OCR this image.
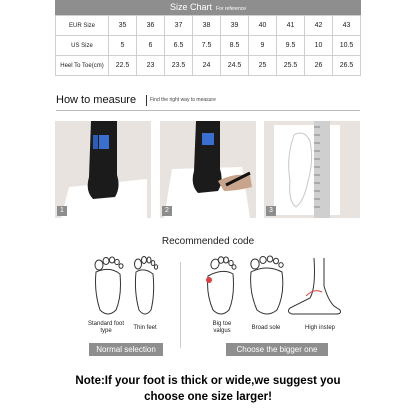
Size Chart For reference
EUR Size	35	36	37	38	39	40	41	42	43
US Size	5	6	6.5	7.5	8.5	9	9.5	10	10.5
Heel To Toe(cm)	22.5	23	23.5	24	24.5	25	25.5	26	26.5
How to measure	Find the right way to measure
1	2	3
Recommended code
Standard foot
type	Thin feet
Big toe
valgus	Broad sole	High instep
Normal selection	Choose the bigger one
Note:If your foot is thick or wide,we suggest you
choose one size larger!
